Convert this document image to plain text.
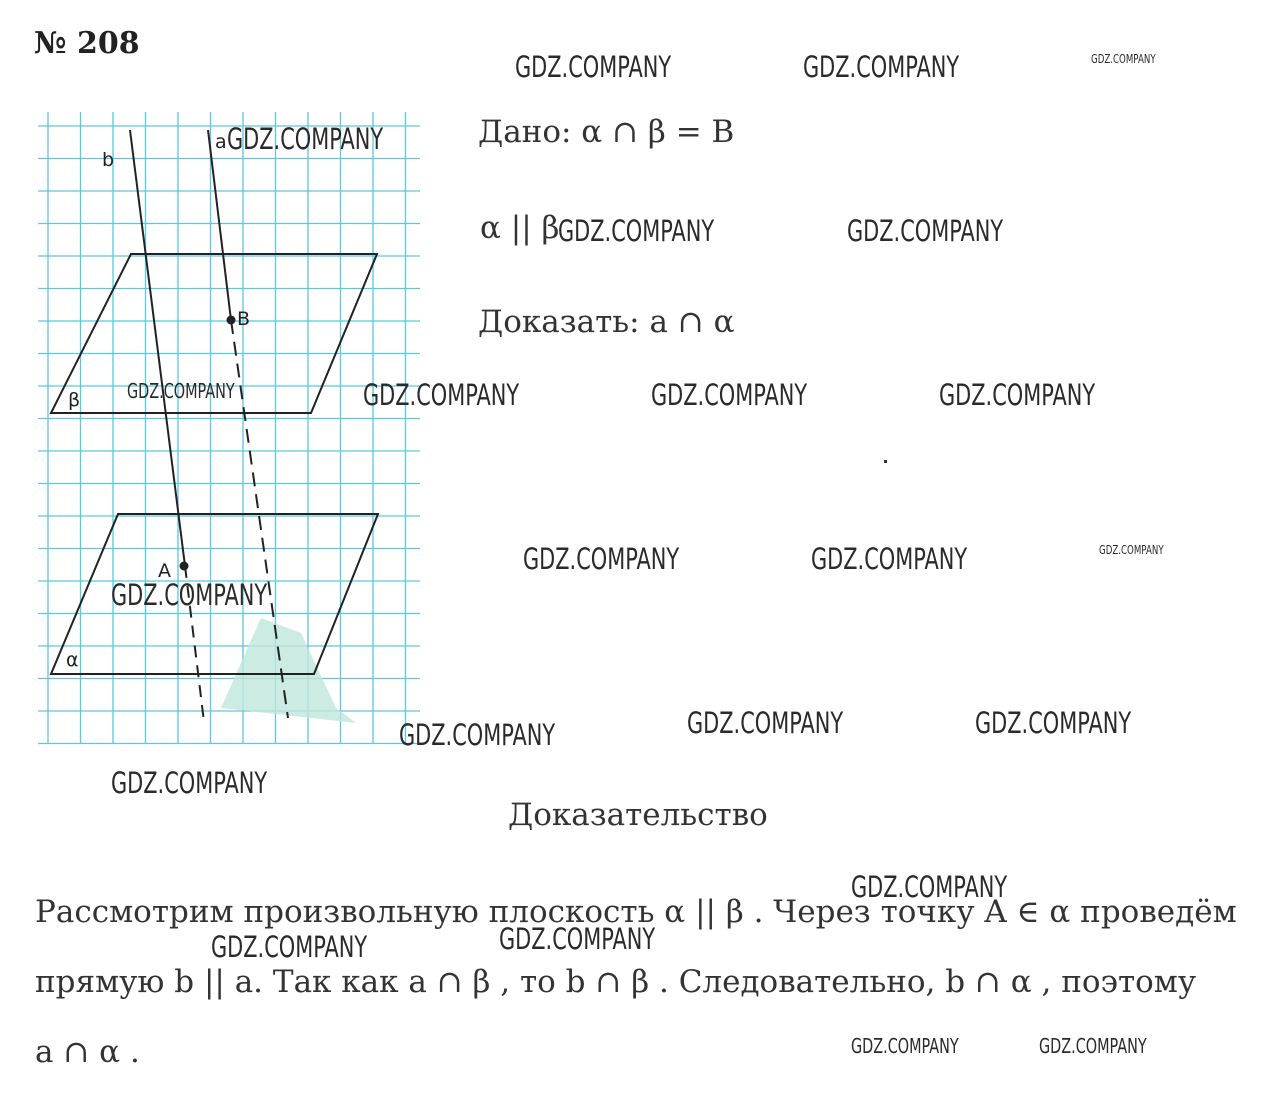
№ 208
b
a
B
A
β
α
Дано: α ∩ β = B
α || β
Доказать: a ∩ α
Доказательство
Рассмотрим произвольную плоскость α || β . Через точку A ∈ α проведём
прямую b || a. Так как a ∩ β , то b ∩ β . Следовательно, b ∩ α , поэтому
a ∩ α .
GDZ.COMPANY	GDZ.COMPANY	GDZ.COMPANY
GDZ.COMPANY
GDZ.COMPANY	GDZ.COMPANY
GDZ.COMPANY	GDZ.COMPANY	GDZ.COMPANY	GDZ.COMPANY
GDZ.COMPANY	GDZ.COMPANY	GDZ.COMPANY
GDZ.COMPANY
GDZ.COMPANY	GDZ.COMPANY
GDZ.COMPANY
GDZ.COMPANY
GDZ.COMPANY
GDZ.COMPANY	GDZ.COMPANY
GDZ.COMPANY	GDZ.COMPANY
